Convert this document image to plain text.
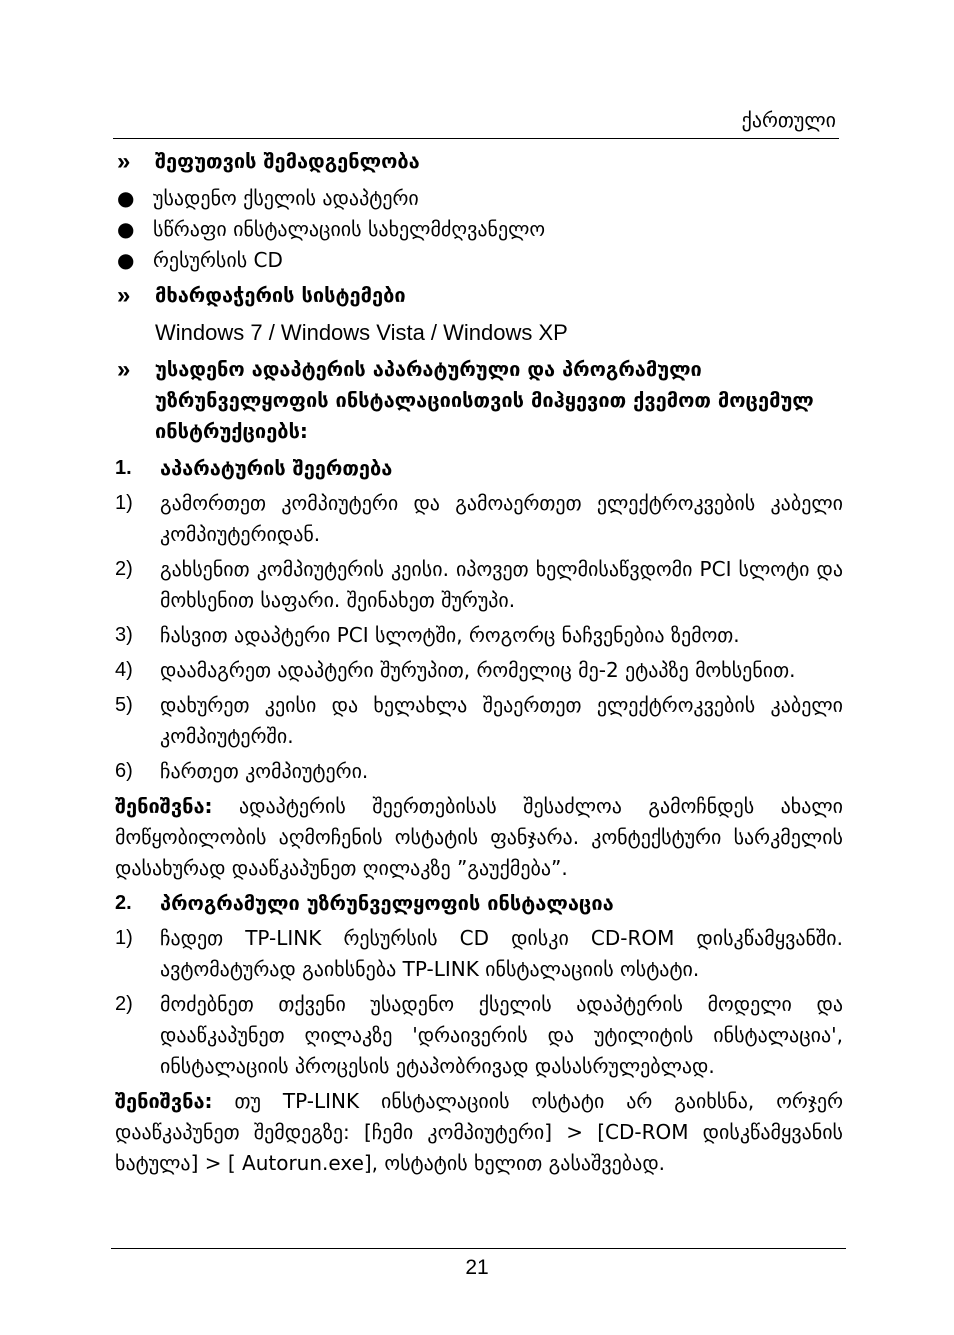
ქართული
» შეფუთვის შემადგენლობა
● უსადენო ქსელის ადაპტერი
● სწრაფი ინსტალაციის სახელმძღვანელო
● რესურსის CD
» მხარდაჭერის სისტემები
Windows 7 / Windows Vista / Windows XP
» უსადენო ადაპტერის აპარატურული და პროგრამული უზრუნველყოფის ინსტალაციისთვის მიჰყევით ქვემოთ მოცემულ ინსტრუქციებს:
1. აპარატურის შეერთება
1) გამორთეთ კომპიუტერი და გამოაერთეთ ელექტროკვების კაბელი კომპიუტერიდან.
2) გახსენით კომპიუტერის კეისი. იპოვეთ ხელმისაწვდომი PCI სლოტი და მოხსენით საფარი. შეინახეთ შურუპი.
3) ჩასვით ადაპტერი PCI სლოტში, როგორც ნაჩვენებია ზემოთ.
4) დაამაგრეთ ადაპტერი შურუპით, რომელიც მე-2 ეტაპზე მოხსენით.
5) დახურეთ კეისი და ხელახლა შეაერთეთ ელექტროკვების კაბელი კომპიუტერში.
6) ჩართეთ კომპიუტერი.
შენიშვნა: ადაპტერის შეერთებისას შესაძლოა გამოჩნდეს ახალი მოწყობილობის აღმოჩენის ოსტატის ფანჯარა. კონტექსტური სარკმელის დასახურად დააწკაპუნეთ ღილაკზე ”გაუქმება”.
2. პროგრამული უზრუნველყოფის ინსტალაცია
1) ჩადეთ TP-LINK რესურსის CD დისკი CD-ROM დისკწამყვანში. ავტომატურად გაიხსნება TP-LINK ინსტალაციის ოსტატი.
2) მოძებნეთ თქვენი უსადენო ქსელის ადაპტერის მოდელი და დააწკაპუნეთ ღილაკზე 'დრაივერის და უტილიტის ინსტალაცია', ინსტალაციის პროცესის ეტაპობრივად დასასრულებლად.
შენიშვნა: თუ TP-LINK ინსტალაციის ოსტატი არ გაიხსნა, ორჯერ დააწკაპუნეთ შემდეგზე: [ჩემი კომპიუტერი] > [CD-ROM დისკწამყვანის ხატულა] > [ Autorun.exe], ოსტატის ხელით გასაშვებად.
21
